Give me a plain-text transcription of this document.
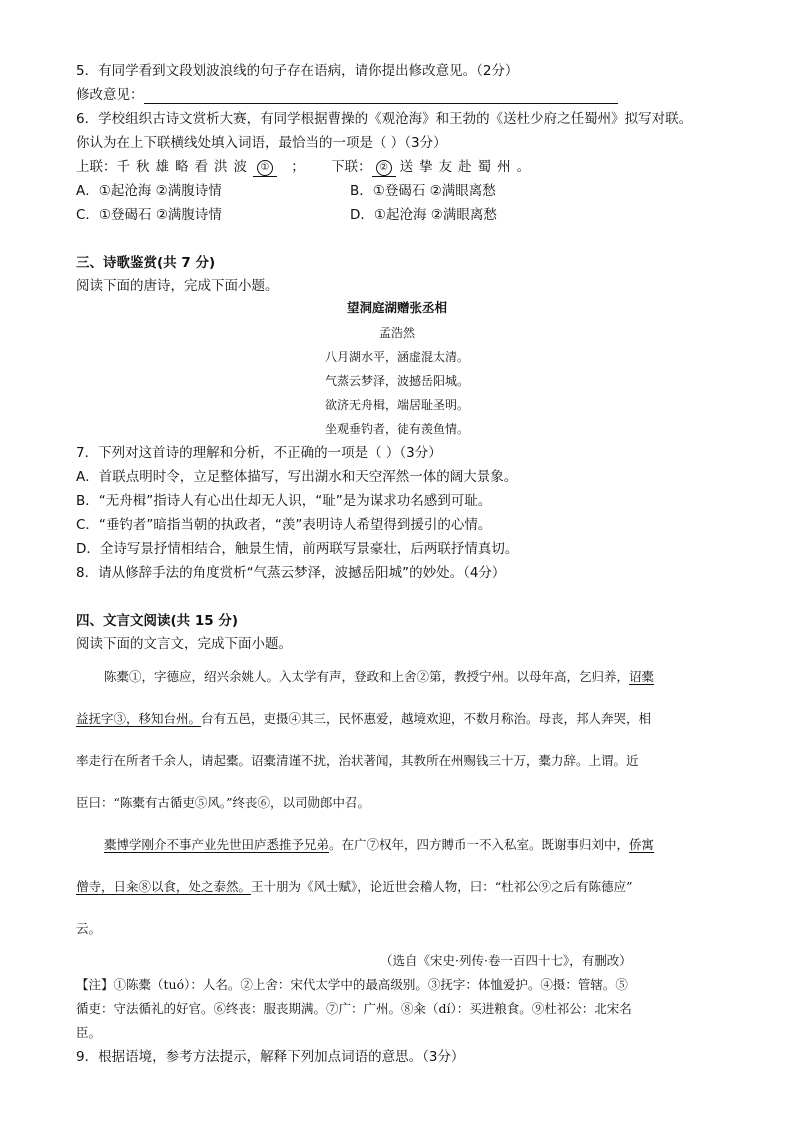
5．有同学看到文段划波浪线的句子存在语病，请你提出修改意见。（2分）
修改意见：
6．学校组织古诗文赏析大赛，有同学根据曹操的《观沧海》和王勃的《送杜少府之任蜀州》拟写对联。
你认为在上下联横线处填入词语，最恰当的一项是（ ）（3分）
上联：千秋雄略看洪波 ① ； 下联： ② 送挚友赴蜀州。
A．①起沧海 ②满腹诗情	B．①登碣石 ②满眼离愁
C．①登碣石 ②满腹诗情	D．①起沧海 ②满眼离愁
三、诗歌鉴赏(共 7 分)
阅读下面的唐诗，完成下面小题。
望洞庭湖赠张丞相
孟浩然
八月湖水平，涵虚混太清。
气蒸云梦泽，波撼岳阳城。
欲济无舟楫，端居耻圣明。
坐观垂钓者，徒有羡鱼情。
7．下列对这首诗的理解和分析，不正确的一项是（ ）（3分）
A．首联点明时令，立足整体描写，写出湖水和天空浑然一体的阔大景象。
B．“无舟楫”指诗人有心出仕却无人识，“耻”是为谋求功名感到可耻。
C．“垂钓者”暗指当朝的执政者，“羡”表明诗人希望得到援引的心情。
D．全诗写景抒情相结合，触景生情，前两联写景豪壮，后两联抒情真切。
8．请从修辞手法的角度赏析“气蒸云梦泽，波撼岳阳城”的妙处。（4分）
四、文言文阅读(共 15 分)
阅读下面的文言文，完成下面小题。
陈橐①，字德应，绍兴余姚人。入太学有声，登政和上舍②第，教授宁州。以母年高，乞归养，诏橐
益抚字③，移知台州。台有五邑，吏摄④其三，民怀惠爱，越境欢迎，不数月称治。母丧，邦人奔哭，相
率走行在所者千余人，请起橐。诏橐清谨不扰，治状著闻，其教所在州赐钱三十万，橐力辞。上谓。近
臣曰：“陈橐有古循吏⑤风。”终丧⑥，以司勋郎中召。
橐博学刚介不事产业先世田庐悉推予兄弟。在广⑦权年，四方賻币一不入私室。既谢事归刘中，侨寓
僧寺，日籴⑧以食，处之泰然。王十朋为《风士赋》，论近世会稽人物，曰：“杜祁公⑨之后有陈德应”
云。
（选自《宋史·列传·卷一百四十七》，有删改）
【注】①陈橐（tuó）：人名。②上舍：宋代太学中的最高级别。③抚字：体恤爱护。④摄：管辖。⑤
循吏：守法循礼的好官。⑥终丧：服丧期满。⑦广：广州。⑧籴（dí）：买进粮食。⑨杜祁公：北宋名
臣。
9．根据语境，参考方法提示，解释下列加点词语的意思。（3分）
